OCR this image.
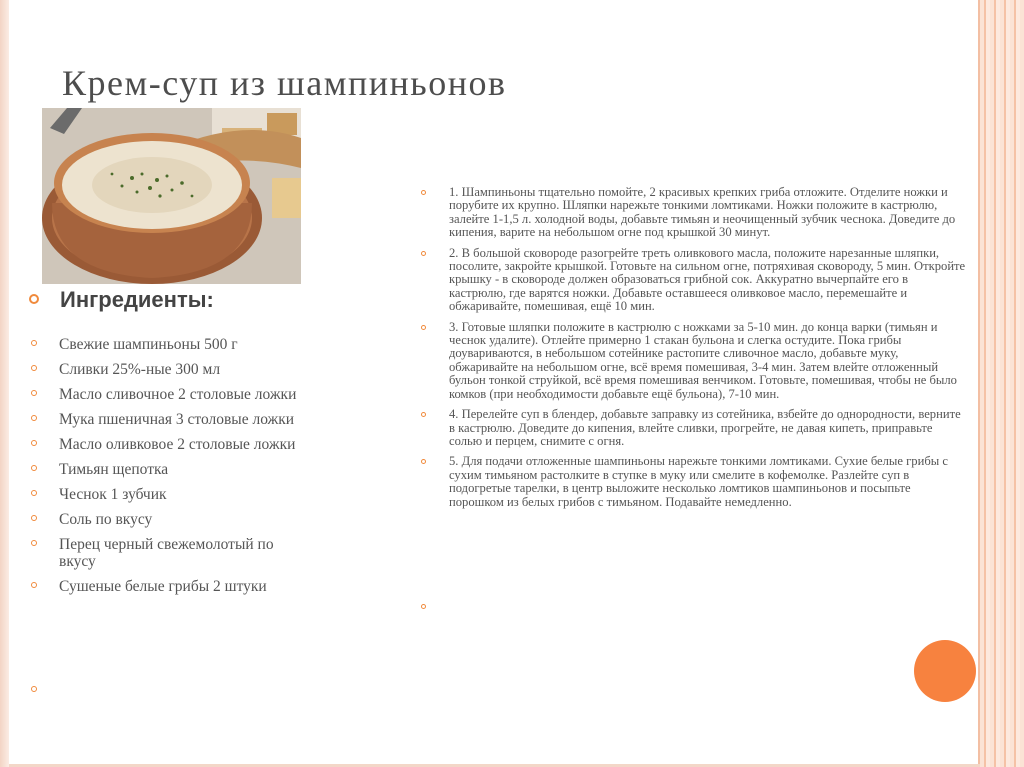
Крем-суп из шампиньонов
Ингредиенты:
Свежие шампиньоны 500 г
Сливки 25%-ные 300 мл
Масло сливочное 2 столовые ложки
Мука пшеничная 3 столовые ложки
Масло оливковое 2 столовые ложки
Тимьян щепотка
Чеснок 1 зубчик
Соль по вкусу
Перец черный свежемолотый по вкусу
Сушеные белые грибы 2 штуки
1. Шампиньоны тщательно помойте, 2 красивых крепких гриба отложите. Отделите ножки и порубите их крупно. Шляпки нарежьте тонкими ломтиками. Ножки положите в кастрюлю, залейте 1-1,5 л. холодной воды, добавьте тимьян и неочищенный зубчик чеснока. Доведите до кипения, варите на небольшом огне под крышкой 30 минут.
2. В большой сковороде разогрейте треть оливкового масла, положите нарезанные шляпки, посолите, закройте крышкой. Готовьте на сильном огне, потряхивая сковороду, 5 мин. Откройте крышку - в сковороде должен образоваться грибной сок. Аккуратно вычерпайте его в кастрюлю, где варятся ножки. Добавьте оставшееся оливковое масло, перемешайте и обжаривайте, помешивая, ещё 10 мин.
3. Готовые шляпки положите в кастрюлю с ножками за 5-10 мин. до конца варки (тимьян и чеснок удалите). Отлейте примерно 1 стакан бульона и слегка остудите. Пока грибы доувариваются, в небольшом сотейнике растопите сливочное масло, добавьте муку, обжаривайте на небольшом огне, всё время помешивая, 3-4 мин. Затем влейте отложенный бульон тонкой струйкой, всё время помешивая венчиком. Готовьте, помешивая, чтобы не было комков (при необходимости добавьте ещё бульона), 7-10 мин.
4. Перелейте суп в блендер, добавьте заправку из сотейника, взбейте до однородности, верните в кастрюлю. Доведите до кипения, влейте сливки, прогрейте, не давая кипеть, приправьте солью и перцем, снимите с огня.
5. Для подачи отложенные шампиньоны нарежьте тонкими ломтиками. Сухие белые грибы с сухим тимьяном растолките в ступке в муку или смелите в кофемолке. Разлейте суп в подогретые тарелки, в центр выложите несколько ломтиков шампиньонов и посыпьте порошком из белых грибов с тимьяном. Подавайте немедленно.
